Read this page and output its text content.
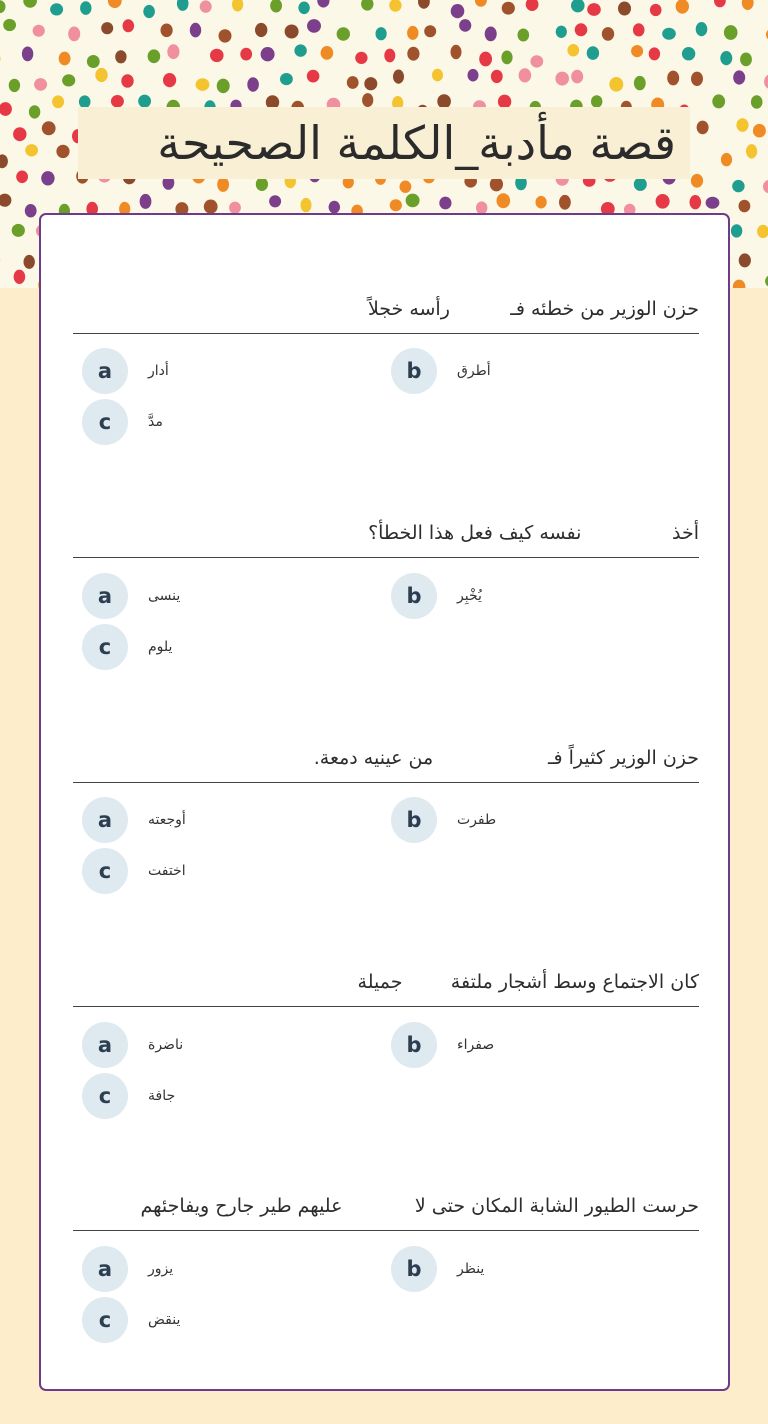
قصة مأدبة_الكلمة الصحيحة
حزن الوزير من خطئه فـ          رأسه خجلاً
a	أدار	b	أطرق
c	مدَّ
أخذ               نفسه كيف فعل هذا الخطأ؟
a	ينسى	b	يُخْبِر
c	يلوم
حزن الوزير كثيراً فـ                   من عينيه دمعة.
a	أوجعته	b	طفرت
c	اختفت
كان الاجتماع وسط أشجار ملتفة        جميلة
a	ناضرة	b	صفراء
c	جافة
حرست الطيور الشابة المكان حتى لا            عليهم طير جارح ويفاجئهم
a	يزور	b	ينظر
c	ينقض
